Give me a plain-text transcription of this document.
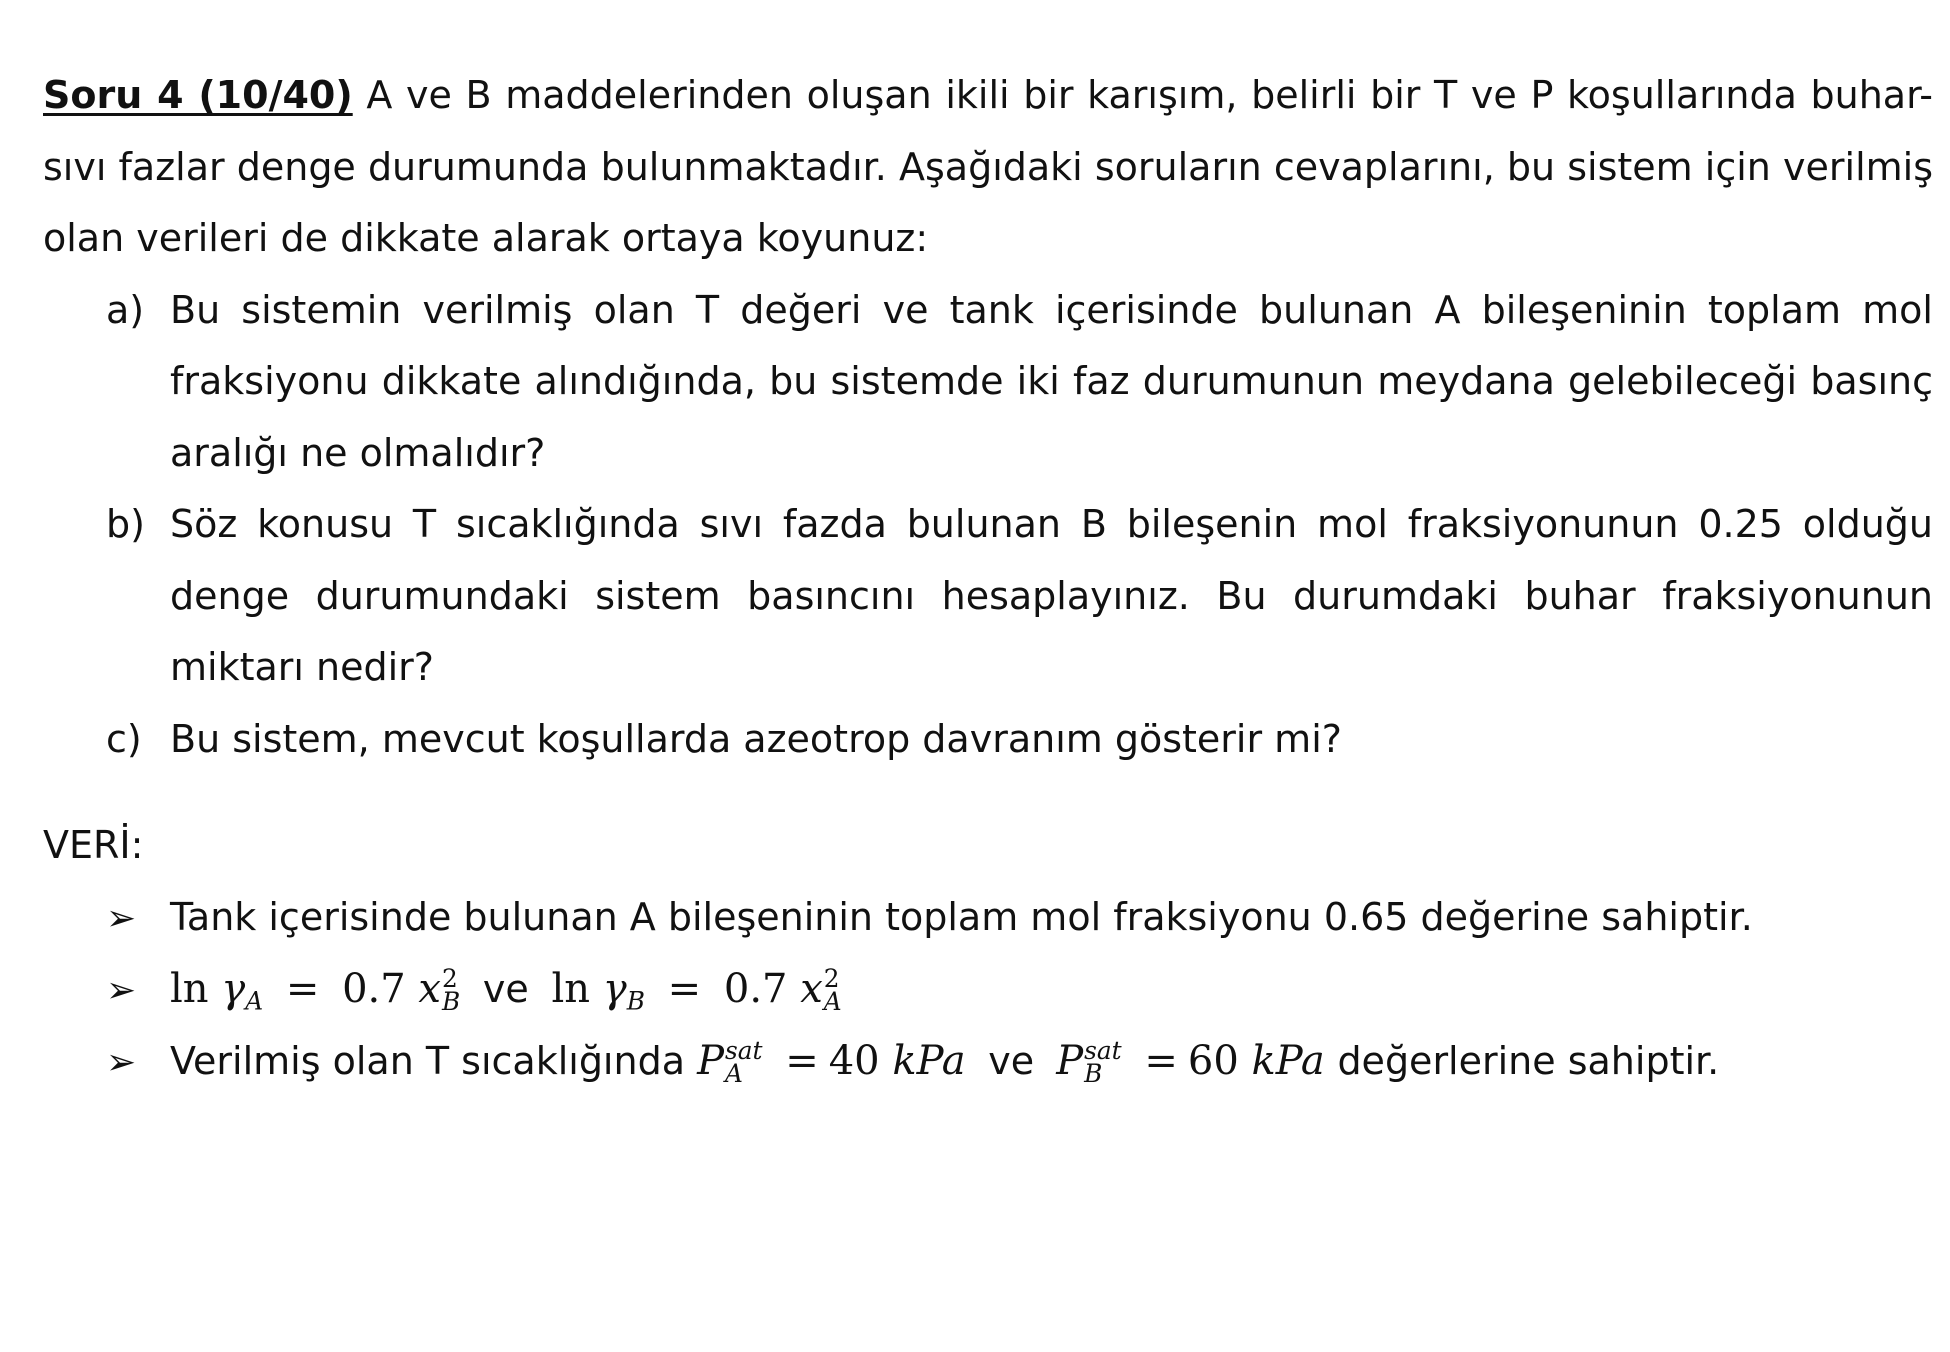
Soru 4 (10/40) A ve B maddelerinden oluşan ikili bir karışım, belirli bir T ve P koşullarında buhar-sıvı fazlar denge durumunda bulunmaktadır. Aşağıdaki soruların cevaplarını, bu sistem için verilmiş olan verileri de dikkate alarak ortaya koyunuz:

a) Bu sistemin verilmiş olan T değeri ve tank içerisinde bulunan A bileşeninin toplam mol fraksiyonu dikkate alındığında, bu sistemde iki faz durumunun meydana gelebileceği basınç aralığı ne olmalıdır?
b) Söz konusu T sıcaklığında sıvı fazda bulunan B bileşenin mol fraksiyonunun 0.25 olduğu denge durumundaki sistem basıncını hesaplayınız. Bu durumdaki buhar fraksiyonunun miktarı nedir?
c) Bu sistem, mevcut koşullarda azeotrop davranım gösterir mi?

VERİ:

➢ Tank içerisinde bulunan A bileşeninin toplam mol fraksiyonu 0.65 değerine sahiptir.
➢ ln γA = 0.7 x 2
B ve ln γB = 0.7 x 2
A
➢ Verilmiş olan T sıcaklığında P sat
A	= 40 kPa ve P sat
B	= 60 kPa değerlerine sahiptir.
